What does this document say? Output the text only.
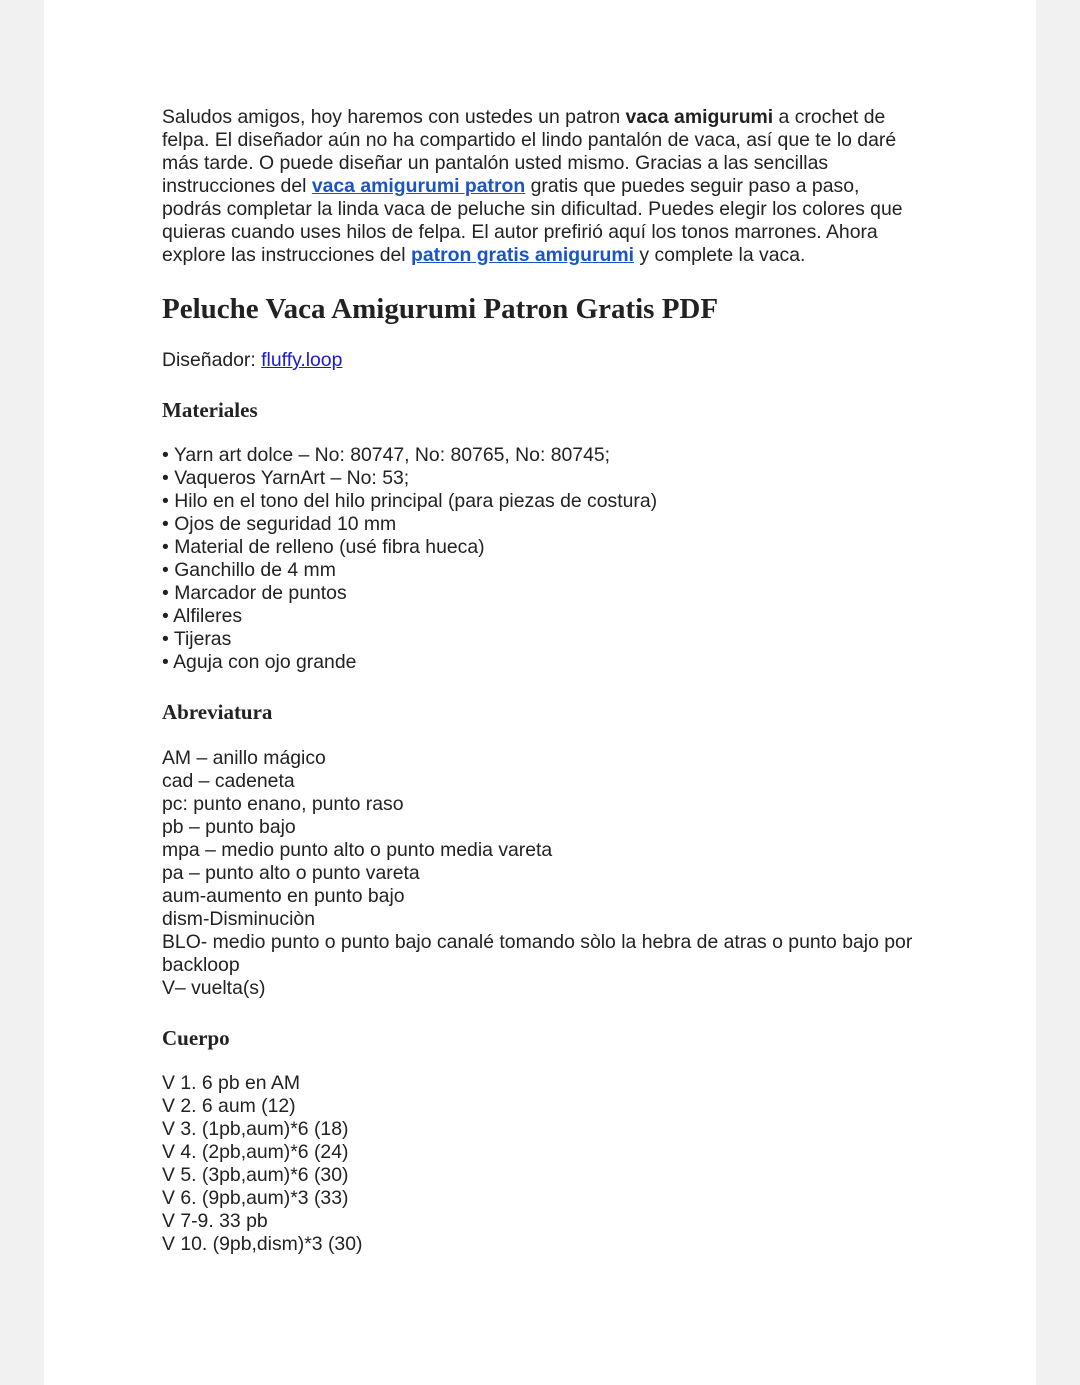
Saludos amigos, hoy haremos con ustedes un patron vaca amigurumi a crochet de felpa. El diseñador aún no ha compartido el lindo pantalón de vaca, así que te lo daré más tarde. O puede diseñar un pantalón usted mismo. Gracias a las sencillas instrucciones del vaca amigurumi patron gratis que puedes seguir paso a paso, podrás completar la linda vaca de peluche sin dificultad. Puedes elegir los colores que quieras cuando uses hilos de felpa. El autor prefirió aquí los tonos marrones. Ahora explore las instrucciones del patron gratis amigurumi y complete la vaca.

Peluche Vaca Amigurumi Patron Gratis PDF
Diseñador: fluffy.loop
Materiales
• Yarn art dolce – No: 80747, No: 80765, No: 80745;
• Vaqueros YarnArt – No: 53;
• Hilo en el tono del hilo principal (para piezas de costura)
• Ojos de seguridad 10 mm
• Material de relleno (usé fibra hueca)
• Ganchillo de 4 mm
• Marcador de puntos
• Alfileres
• Tijeras
• Aguja con ojo grande
Abreviatura
AM – anillo mágico
cad – cadeneta
pc: punto enano, punto raso
pb – punto bajo
mpa – medio punto alto o punto media vareta
pa – punto alto o punto vareta
aum-aumento en punto bajo
dism-Disminuciòn
BLO- medio punto o punto bajo canalé tomando sòlo la hebra de atras o punto bajo por backloop
V– vuelta(s)
Cuerpo
V 1. 6 pb en AM
V 2. 6 aum (12)
V 3. (1pb,aum)*6 (18)
V 4. (2pb,aum)*6 (24)
V 5. (3pb,aum)*6 (30)
V 6. (9pb,aum)*3 (33)
V 7-9. 33 pb
V 10. (9pb,dism)*3 (30)
